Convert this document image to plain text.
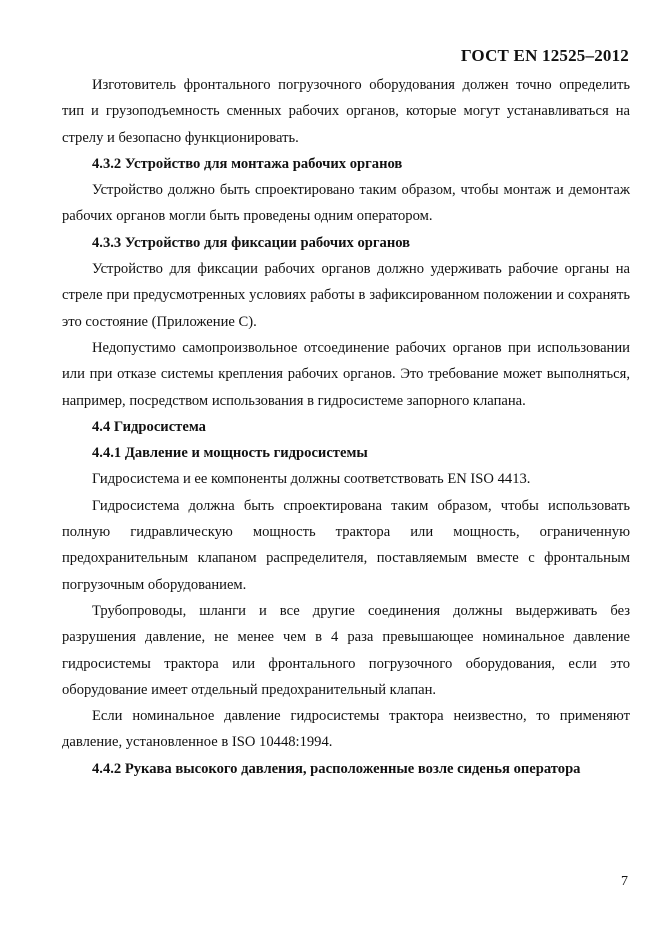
ГОСТ EN 12525–2012

Изготовитель фронтального погрузочного оборудования должен точно определить тип и грузоподъемность сменных рабочих органов, которые могут устанавливаться на стрелу и безопасно функционировать.

4.3.2 Устройство для монтажа рабочих органов

Устройство должно быть спроектировано таким образом, чтобы монтаж и демонтаж рабочих органов могли быть проведены одним оператором.

4.3.3 Устройство для фиксации рабочих органов

Устройство для фиксации рабочих органов должно удерживать рабочие органы на стреле при предусмотренных условиях работы в зафиксированном положении и сохранять это состояние (Приложение С).

Недопустимо самопроизвольное отсоединение рабочих органов при использовании или при отказе системы крепления рабочих органов. Это требование может выполняться, например, посредством использования в гидросистеме запорного клапана.

4.4 Гидросистема

4.4.1 Давление и мощность гидросистемы

Гидросистема и ее компоненты должны соответствовать EN ISO 4413.

Гидросистема должна быть спроектирована таким образом, чтобы использовать полную гидравлическую мощность трактора или мощность, ограниченную предохранительным клапаном распределителя, поставляемым вместе с фронтальным погрузочным оборудованием.

Трубопроводы, шланги и все другие соединения должны выдерживать без разрушения давление, не менее чем в 4 раза превышающее номинальное давление гидросистемы трактора или фронтального погрузочного оборудования, если это оборудование имеет отдельный предохранительный клапан.

Если номинальное давление гидросистемы трактора неизвестно, то применяют давление, установленное в ISO 10448:1994.

4.4.2 Рукава высокого давления, расположенные возле сиденья оператора

7
